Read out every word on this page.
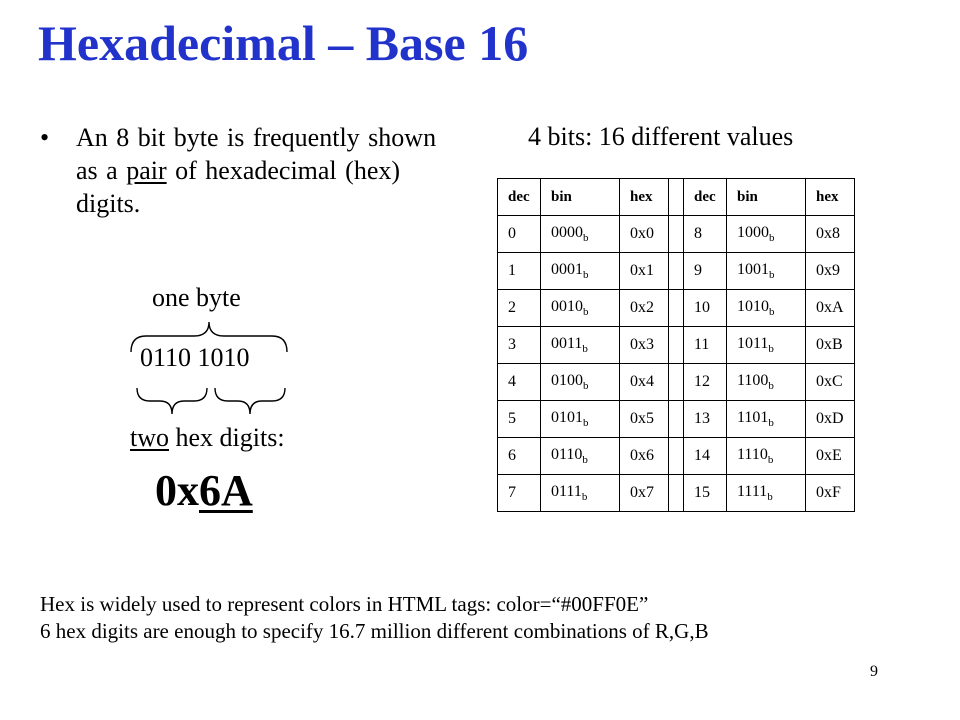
Hexadecimal – Base 16
• An 8 bit byte is frequently shown as a pair of hexadecimal (hex) digits.
4 bits: 16 different values
one byte
0110 1010
two hex digits:
0x6A
dec	bin	hex		dec	bin	hex
0	$0000_b$	0x0		8	$1000_b$	0x8
1	$0001_b$	0x1		9	$1001_b$	0x9
2	$0010_b$	0x2		10	$1010_b$	0xA
3	$0011_b$	0x3		11	$1011_b$	0xB
4	$0100_b$	0x4		12	$1100_b$	0xC
5	$0101_b$	0x5		13	$1101_b$	0xD
6	$0110_b$	0x6		14	$1110_b$	0xE
7	$0111_b$	0x7		15	$1111_b$	0xF
Hex is widely used to represent colors in HTML tags: color=“#00FF0E”
6 hex digits are enough to specify 16.7 million different combinations of R,G,B
9
